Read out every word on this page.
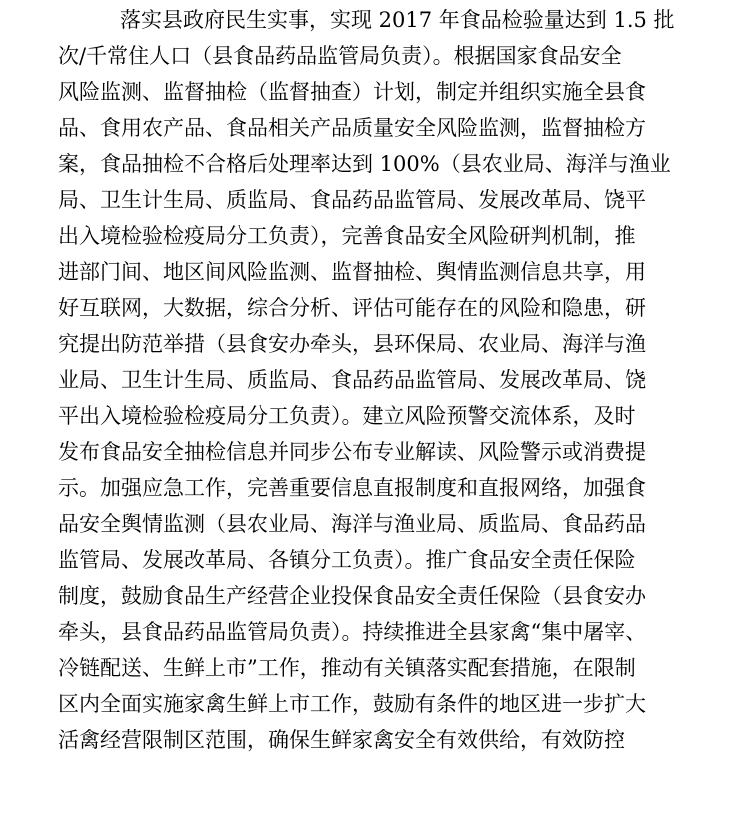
落实县政府民生实事，实现 2017 年食品检验量达到 1.5 批
次/千常住人口（县食品药品监管局负责）。根据国家食品安全
风险监测、监督抽检（监督抽查）计划，制定并组织实施全县食
品、食用农产品、食品相关产品质量安全风险监测，监督抽检方
案，食品抽检不合格后处理率达到 100%（县农业局、海洋与渔业
局、卫生计生局、质监局、食品药品监管局、发展改革局、饶平
出入境检验检疫局分工负责），完善食品安全风险研判机制，推
进部门间、地区间风险监测、监督抽检、舆情监测信息共享，用
好互联网，大数据，综合分析、评估可能存在的风险和隐患，研
究提出防范举措（县食安办牵头，县环保局、农业局、海洋与渔
业局、卫生计生局、质监局、食品药品监管局、发展改革局、饶
平出入境检验检疫局分工负责）。建立风险预警交流体系，及时
发布食品安全抽检信息并同步公布专业解读、风险警示或消费提
示。加强应急工作，完善重要信息直报制度和直报网络，加强食
品安全舆情监测（县农业局、海洋与渔业局、质监局、食品药品
监管局、发展改革局、各镇分工负责）。推广食品安全责任保险
制度，鼓励食品生产经营企业投保食品安全责任保险（县食安办
牵头，县食品药品监管局负责）。持续推进全县家禽“集中屠宰、
冷链配送、生鲜上市”工作，推动有关镇落实配套措施，在限制
区内全面实施家禽生鲜上市工作，鼓励有条件的地区进一步扩大
活禽经营限制区范围，确保生鲜家禽安全有效供给，有效防控
